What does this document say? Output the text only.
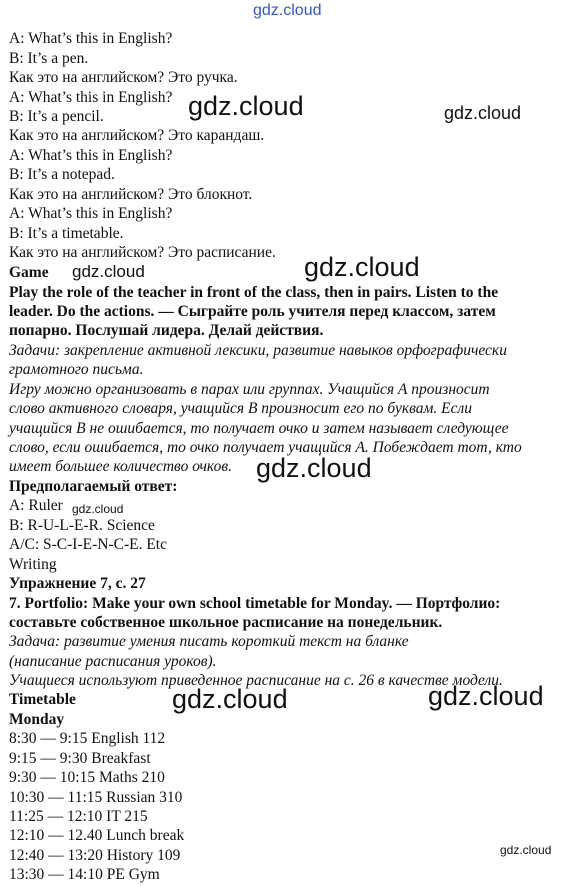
gdz.cloud
gdz.cloud	gdz.cloud
gdz.cloud	gdz.cloud
gdz.cloud
gdz.cloud
gdz.cloud
gdz.cloud
gdz.cloud
A: What’s this in English?
B: It’s a pen.
Как это на английском? Это ручка.
A: What’s this in English?
B: It’s a pencil.
Как это на английском? Это карандаш.
A: What’s this in English?
B: It’s a notepad.
Как это на английском? Это блокнот.
A: What’s this in English?
B: It’s a timetable.
Как это на английском? Это расписание.
Game
Play the role of the teacher in front of the class, then in pairs. Listen to the
leader. Do the actions. — Сыграйте роль учителя перед классом, затем
попарно. Послушай лидера. Делай действия.
Задачи: закрепление активной лексики, развитие навыков орфографически
грамотного письма.
Игру можно организовать в парах или группах. Учащийся А произносит
слово активного словаря, учащийся В произносит его по буквам. Если
учащийся В не ошибается, то получает очко и затем называет следующее
слово, если ошибается, то очко получает учащийся А. Побеждает тот, кто
имеет большее количество очков.
Предполагаемый ответ:
A: Ruler
B: R-U-L-E-R. Science
A/C: S-C-I-E-N-C-E. Etc
Writing
Упражнение 7, с. 27
7. Portfolio: Make your own school timetable for Monday. — Портфолио:
составьте собственное школьное расписание на понедельник.
Задача: развитие умения писать короткий текст на бланке
(написание расписания уроков).
Учащиеся используют приведенное расписание на с. 26 в качестве модели.
Timetable
Monday
8:30 — 9:15 English 112
9:15 — 9:30 Breakfast
9:30 — 10:15 Maths 210
10:30 — 11:15 Russian 310
11:25 — 12:10 IT 215
12:10 — 12.40 Lunch break
12:40 — 13:20 History 109
13:30 — 14:10 PE Gym
